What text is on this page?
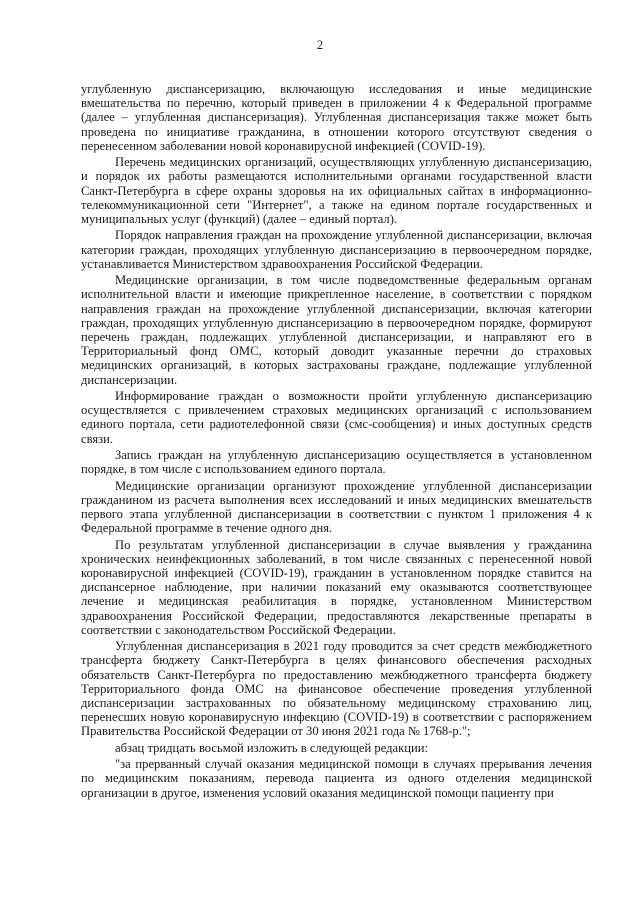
2

углубленную диспансеризацию, включающую исследования и иные медицинские вмешательства по перечню, который приведен в приложении 4 к Федеральной программе (далее – углубленная диспансеризация). Углубленная диспансеризация также может быть проведена по инициативе гражданина, в отношении которого отсутствуют сведения о перенесенном заболевании новой коронавирусной инфекцией (COVID-19).

Перечень медицинских организаций, осуществляющих углубленную диспансеризацию, и порядок их работы размещаются исполнительными органами государственной власти Санкт-Петербурга в сфере охраны здоровья на их официальных сайтах в информационно-телекоммуникационной сети "Интернет", а также на едином портале государственных и муниципальных услуг (функций) (далее – единый портал).

Порядок направления граждан на прохождение углубленной диспансеризации, включая категории граждан, проходящих углубленную диспансеризацию в первоочередном порядке, устанавливается Министерством здравоохранения Российской Федерации.

Медицинские организации, в том числе подведомственные федеральным органам исполнительной власти и имеющие прикрепленное население, в соответствии с порядком направления граждан на прохождение углубленной диспансеризации, включая категории граждан, проходящих углубленную диспансеризацию в первоочередном порядке, формируют перечень граждан, подлежащих углубленной диспансеризации, и направляют его в Территориальный фонд ОМС, который доводит указанные перечни до страховых медицинских организаций, в которых застрахованы граждане, подлежащие углубленной диспансеризации.

Информирование граждан о возможности пройти углубленную диспансеризацию осуществляется с привлечением страховых медицинских организаций с использованием единого портала, сети радиотелефонной связи (смс-сообщения) и иных доступных средств связи.

Запись граждан на углубленную диспансеризацию осуществляется в установленном порядке, в том числе с использованием единого портала.

Медицинские организации организуют прохождение углубленной диспансеризации гражданином из расчета выполнения всех исследований и иных медицинских вмешательств первого этапа углубленной диспансеризации в соответствии с пунктом 1 приложения 4 к Федеральной программе в течение одного дня.

По результатам углубленной диспансеризации в случае выявления у гражданина хронических неинфекционных заболеваний, в том числе связанных с перенесенной новой коронавирусной инфекцией (COVID-19), гражданин в установленном порядке ставится на диспансерное наблюдение, при наличии показаний ему оказываются соответствующее лечение и медицинская реабилитация в порядке, установленном Министерством здравоохранения Российской Федерации, предоставляются лекарственные препараты в соответствии с законодательством Российской Федерации.

Углубленная диспансеризация в 2021 году проводится за счет средств межбюджетного трансферта бюджету Санкт-Петербурга в целях финансового обеспечения расходных обязательств Санкт-Петербурга по предоставлению межбюджетного трансферта бюджету Территориального фонда ОМС на финансовое обеспечение проведения углубленной диспансеризации застрахованных по обязательному медицинскому страхованию лиц, перенесших новую коронавирусную инфекцию (COVID-19) в соответствии с распоряжением Правительства Российской Федерации от 30 июня 2021 года № 1768-р.";

абзац тридцать восьмой изложить в следующей редакции:

"за прерванный случай оказания медицинской помощи в случаях прерывания лечения по медицинским показаниям, перевода пациента из одного отделения медицинской организации в другое, изменения условий оказания медицинской помощи пациенту при
